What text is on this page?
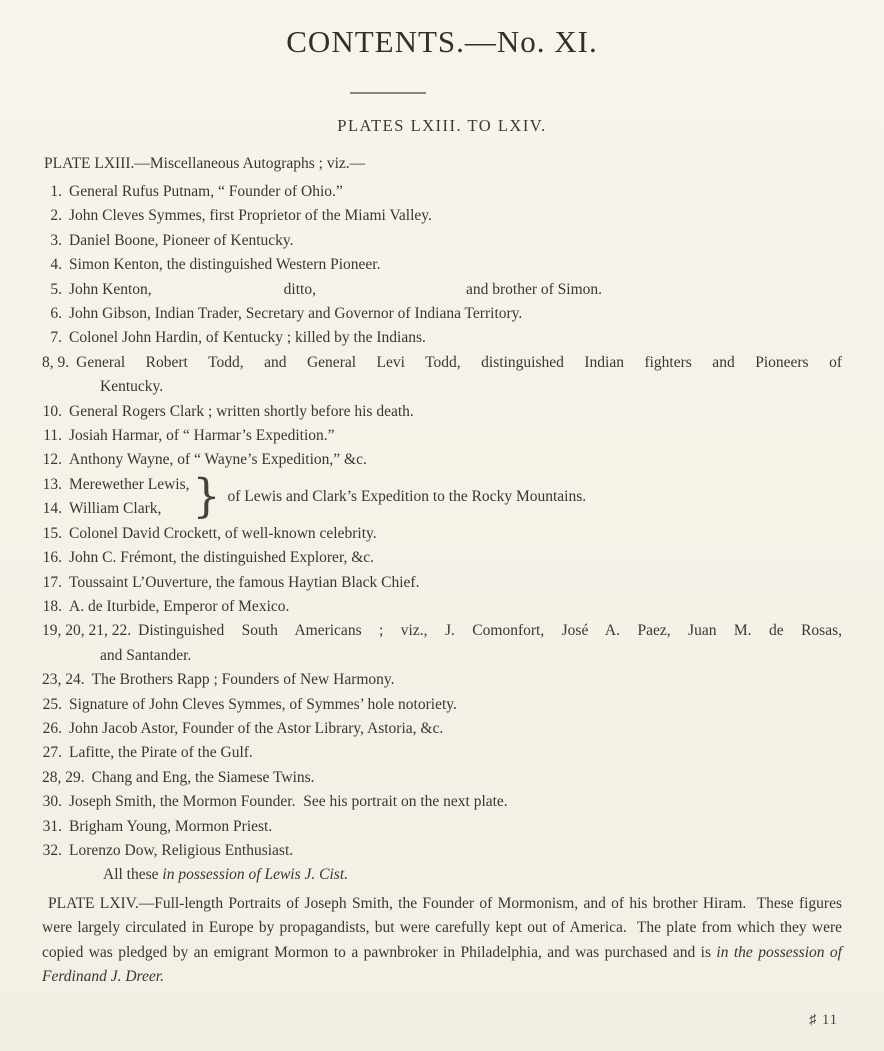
CONTENTS.—No. XI.
PLATES LXIII. TO LXIV.
PLATE LXIII.—Miscellaneous Autographs ; viz.—
1. General Rufus Putnam, “ Founder of Ohio.”
2. John Cleves Symmes, first Proprietor of the Miami Valley.
3. Daniel Boone, Pioneer of Kentucky.
4. Simon Kenton, the distinguished Western Pioneer.
5. John Kenton,	ditto,	and brother of Simon.
6. John Gibson, Indian Trader, Secretary and Governor of Indiana Territory.
7. Colonel John Hardin, of Kentucky ; killed by the Indians.
8, 9. General Robert Todd, and General Levi Todd, distinguished Indian fighters and Pioneers of
Kentucky.
10. General Rogers Clark ; written shortly before his death.
11. Josiah Harmar, of “ Harmar’s Expedition.”
12. Anthony Wayne, of “ Wayne’s Expedition,” &c.
13. Merewether Lewis,
14. William Clark, } of Lewis and Clark’s Expedition to the Rocky Mountains.
15. Colonel David Crockett, of well-known celebrity.
16. John C. Frémont, the distinguished Explorer, &c.
17. Toussaint L’Ouverture, the famous Haytian Black Chief.
18. A. de Iturbide, Emperor of Mexico.
19, 20, 21, 22. Distinguished South Americans ; viz., J. Comonfort, José A. Paez, Juan M. de Rosas,
and Santander.
23, 24. The Brothers Rapp ; Founders of New Harmony.
25. Signature of John Cleves Symmes, of Symmes’ hole notoriety.
26. John Jacob Astor, Founder of the Astor Library, Astoria, &c.
27. Lafitte, the Pirate of the Gulf.
28, 29. Chang and Eng, the Siamese Twins.
30. Joseph Smith, the Mormon Founder.  See his portrait on the next plate.
31. Brigham Young, Mormon Priest.
32. Lorenzo Dow, Religious Enthusiast.
All these in possession of Lewis J. Cist.
PLATE LXIV.—Full-length Portraits of Joseph Smith, the Founder of Mormonism, and of his brother Hiram.  These figures were largely circulated in Europe by propagandists, but were carefully kept out of America.  The plate from which they were copied was pledged by an emigrant Mormon to a pawnbroker in Philadelphia, and was purchased and is in the possession of Ferdinand J. Dreer.
♯ 11
